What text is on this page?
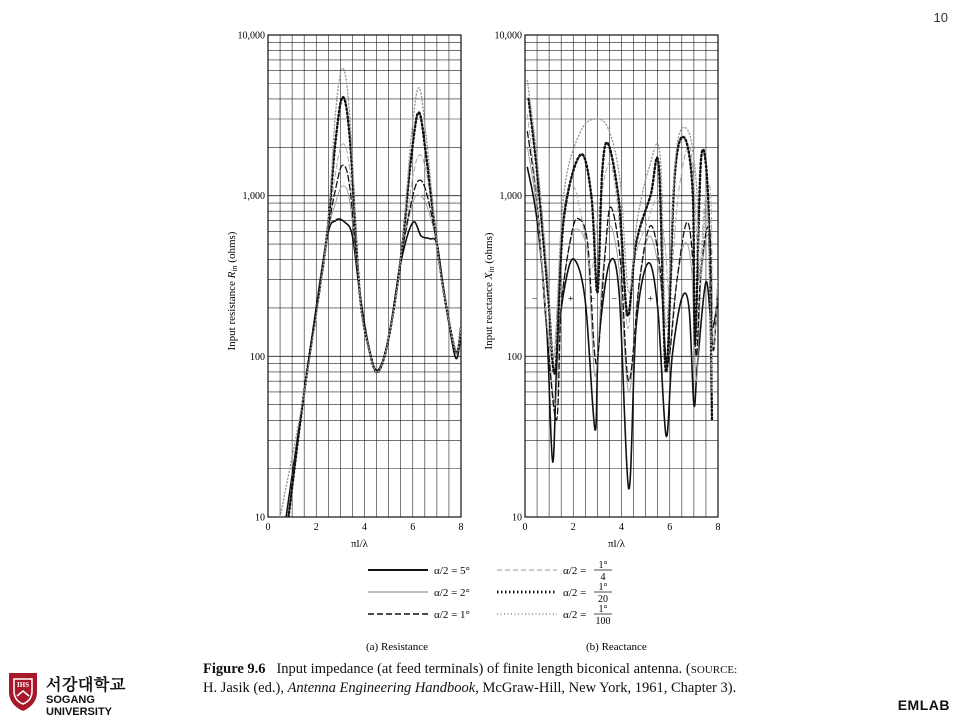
10
10
100
1,000
10,000
0	2	4	6	8
πl/λ
Input resistance Rin (ohms)
10
100
1,000
10,000
0	2	4	6	8
πl/λ
Input reactance Xin (ohms)
−	+ − −	+ − −
α/2 = 5°
α/2 = 2°
α/2 = 1°
α/2 = 1°
4
α/2 = 1°
20
α/2 = 1°
100
(a) Resistance	(b) Reactance
Figure 9.6 Input impedance (at feed terminals) of finite length biconical antenna. (SOURCE:
H. Jasik (ed.), Antenna Engineering Handbook, McGraw-Hill, New York, 1961, Chapter 3).
IHS 서강대학교
SOGANG UNIVERSITY	EMLAB
